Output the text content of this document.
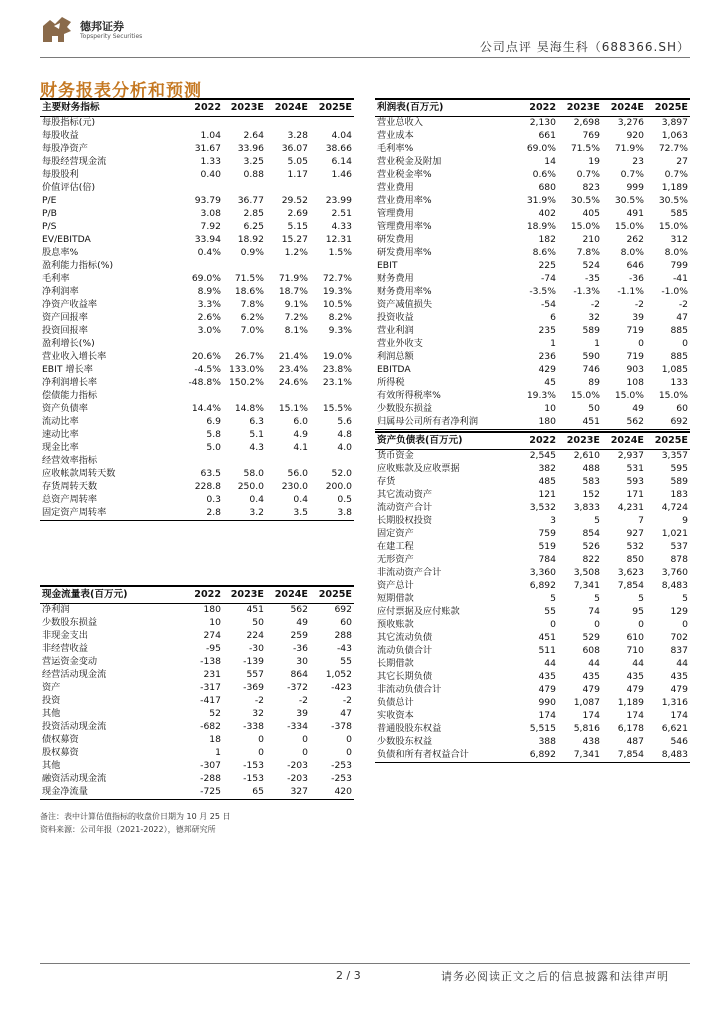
德邦证券
Topsperity Securities
公司点评 昊海生科（688366.SH）
财务报表分析和预测
主要财务指标	2022	2023E	2024E	2025E
每股指标(元)				
每股收益	1.04	2.64	3.28	4.04
每股净资产	31.67	33.96	36.07	38.66
每股经营现金流	1.33	3.25	5.05	6.14
每股股利	0.40	0.88	1.17	1.46
价值评估(倍)				
P/E	93.79	36.77	29.52	23.99
P/B	3.08	2.85	2.69	2.51
P/S	7.92	6.25	5.15	4.33
EV/EBITDA	33.94	18.92	15.27	12.31
股息率%	0.4%	0.9%	1.2%	1.5%
盈利能力指标(%)				
毛利率	69.0%	71.5%	71.9%	72.7%
净利润率	8.9%	18.6%	18.7%	19.3%
净资产收益率	3.3%	7.8%	9.1%	10.5%
资产回报率	2.6%	6.2%	7.2%	8.2%
投资回报率	3.0%	7.0%	8.1%	9.3%
盈利增长(%)				
营业收入增长率	20.6%	26.7%	21.4%	19.0%
EBIT 增长率	-4.5%	133.0%	23.4%	23.8%
净利润增长率	-48.8%	150.2%	24.6%	23.1%
偿债能力指标				
资产负债率	14.4%	14.8%	15.1%	15.5%
流动比率	6.9	6.3	6.0	5.6
速动比率	5.8	5.1	4.9	4.8
现金比率	5.0	4.3	4.1	4.0
经营效率指标				
应收帐款周转天数	63.5	58.0	56.0	52.0
存货周转天数	228.8	250.0	230.0	200.0
总资产周转率	0.3	0.4	0.4	0.5
固定资产周转率	2.8	3.2	3.5	3.8
利润表(百万元)	2022	2023E	2024E	2025E
营业总收入	2,130	2,698	3,276	3,897
营业成本	661	769	920	1,063
毛利率%	69.0%	71.5%	71.9%	72.7%
营业税金及附加	14	19	23	27
营业税金率%	0.6%	0.7%	0.7%	0.7%
营业费用	680	823	999	1,189
营业费用率%	31.9%	30.5%	30.5%	30.5%
管理费用	402	405	491	585
管理费用率%	18.9%	15.0%	15.0%	15.0%
研发费用	182	210	262	312
研发费用率%	8.6%	7.8%	8.0%	8.0%
EBIT	225	524	646	799
财务费用	-74	-35	-36	-41
财务费用率%	-3.5%	-1.3%	-1.1%	-1.0%
资产减值损失	-54	-2	-2	-2
投资收益	6	32	39	47
营业利润	235	589	719	885
营业外收支	1	1	0	0
利润总额	236	590	719	885
EBITDA	429	746	903	1,085
所得税	45	89	108	133
有效所得税率%	19.3%	15.0%	15.0%	15.0%
少数股东损益	10	50	49	60
归属母公司所有者净利润	180	451	562	692
资产负债表(百万元)	2022	2023E	2024E	2025E
货币资金	2,545	2,610	2,937	3,357
应收账款及应收票据	382	488	531	595
存货	485	583	593	589
其它流动资产	121	152	171	183
流动资产合计	3,532	3,833	4,231	4,724
长期股权投资	3	5	7	9
固定资产	759	854	927	1,021
在建工程	519	526	532	537
无形资产	784	822	850	878
非流动资产合计	3,360	3,508	3,623	3,760
资产总计	6,892	7,341	7,854	8,483
短期借款	5	5	5	5
应付票据及应付账款	55	74	95	129
预收账款	0	0	0	0
其它流动负债	451	529	610	702
流动负债合计	511	608	710	837
长期借款	44	44	44	44
其它长期负债	435	435	435	435
非流动负债合计	479	479	479	479
负债总计	990	1,087	1,189	1,316
实收资本	174	174	174	174
普通股股东权益	5,515	5,816	6,178	6,621
少数股东权益	388	438	487	546
负债和所有者权益合计	6,892	7,341	7,854	8,483
现金流量表(百万元)	2022	2023E	2024E	2025E
净利润	180	451	562	692
少数股东损益	10	50	49	60
非现金支出	274	224	259	288
非经营收益	-95	-30	-36	-43
营运资金变动	-138	-139	30	55
经营活动现金流	231	557	864	1,052
资产	-317	-369	-372	-423
投资	-417	-2	-2	-2
其他	52	32	39	47
投资活动现金流	-682	-338	-334	-378
债权募资	18	0	0	0
股权募资	1	0	0	0
其他	-307	-153	-203	-253
融资活动现金流	-288	-153	-203	-253
现金净流量	-725	65	327	420
备注：表中计算估值指标的收盘价日期为 10 月 25 日
资料来源：公司年报（2021-2022），德邦研究所
2 / 3	请务必阅读正文之后的信息披露和法律声明
